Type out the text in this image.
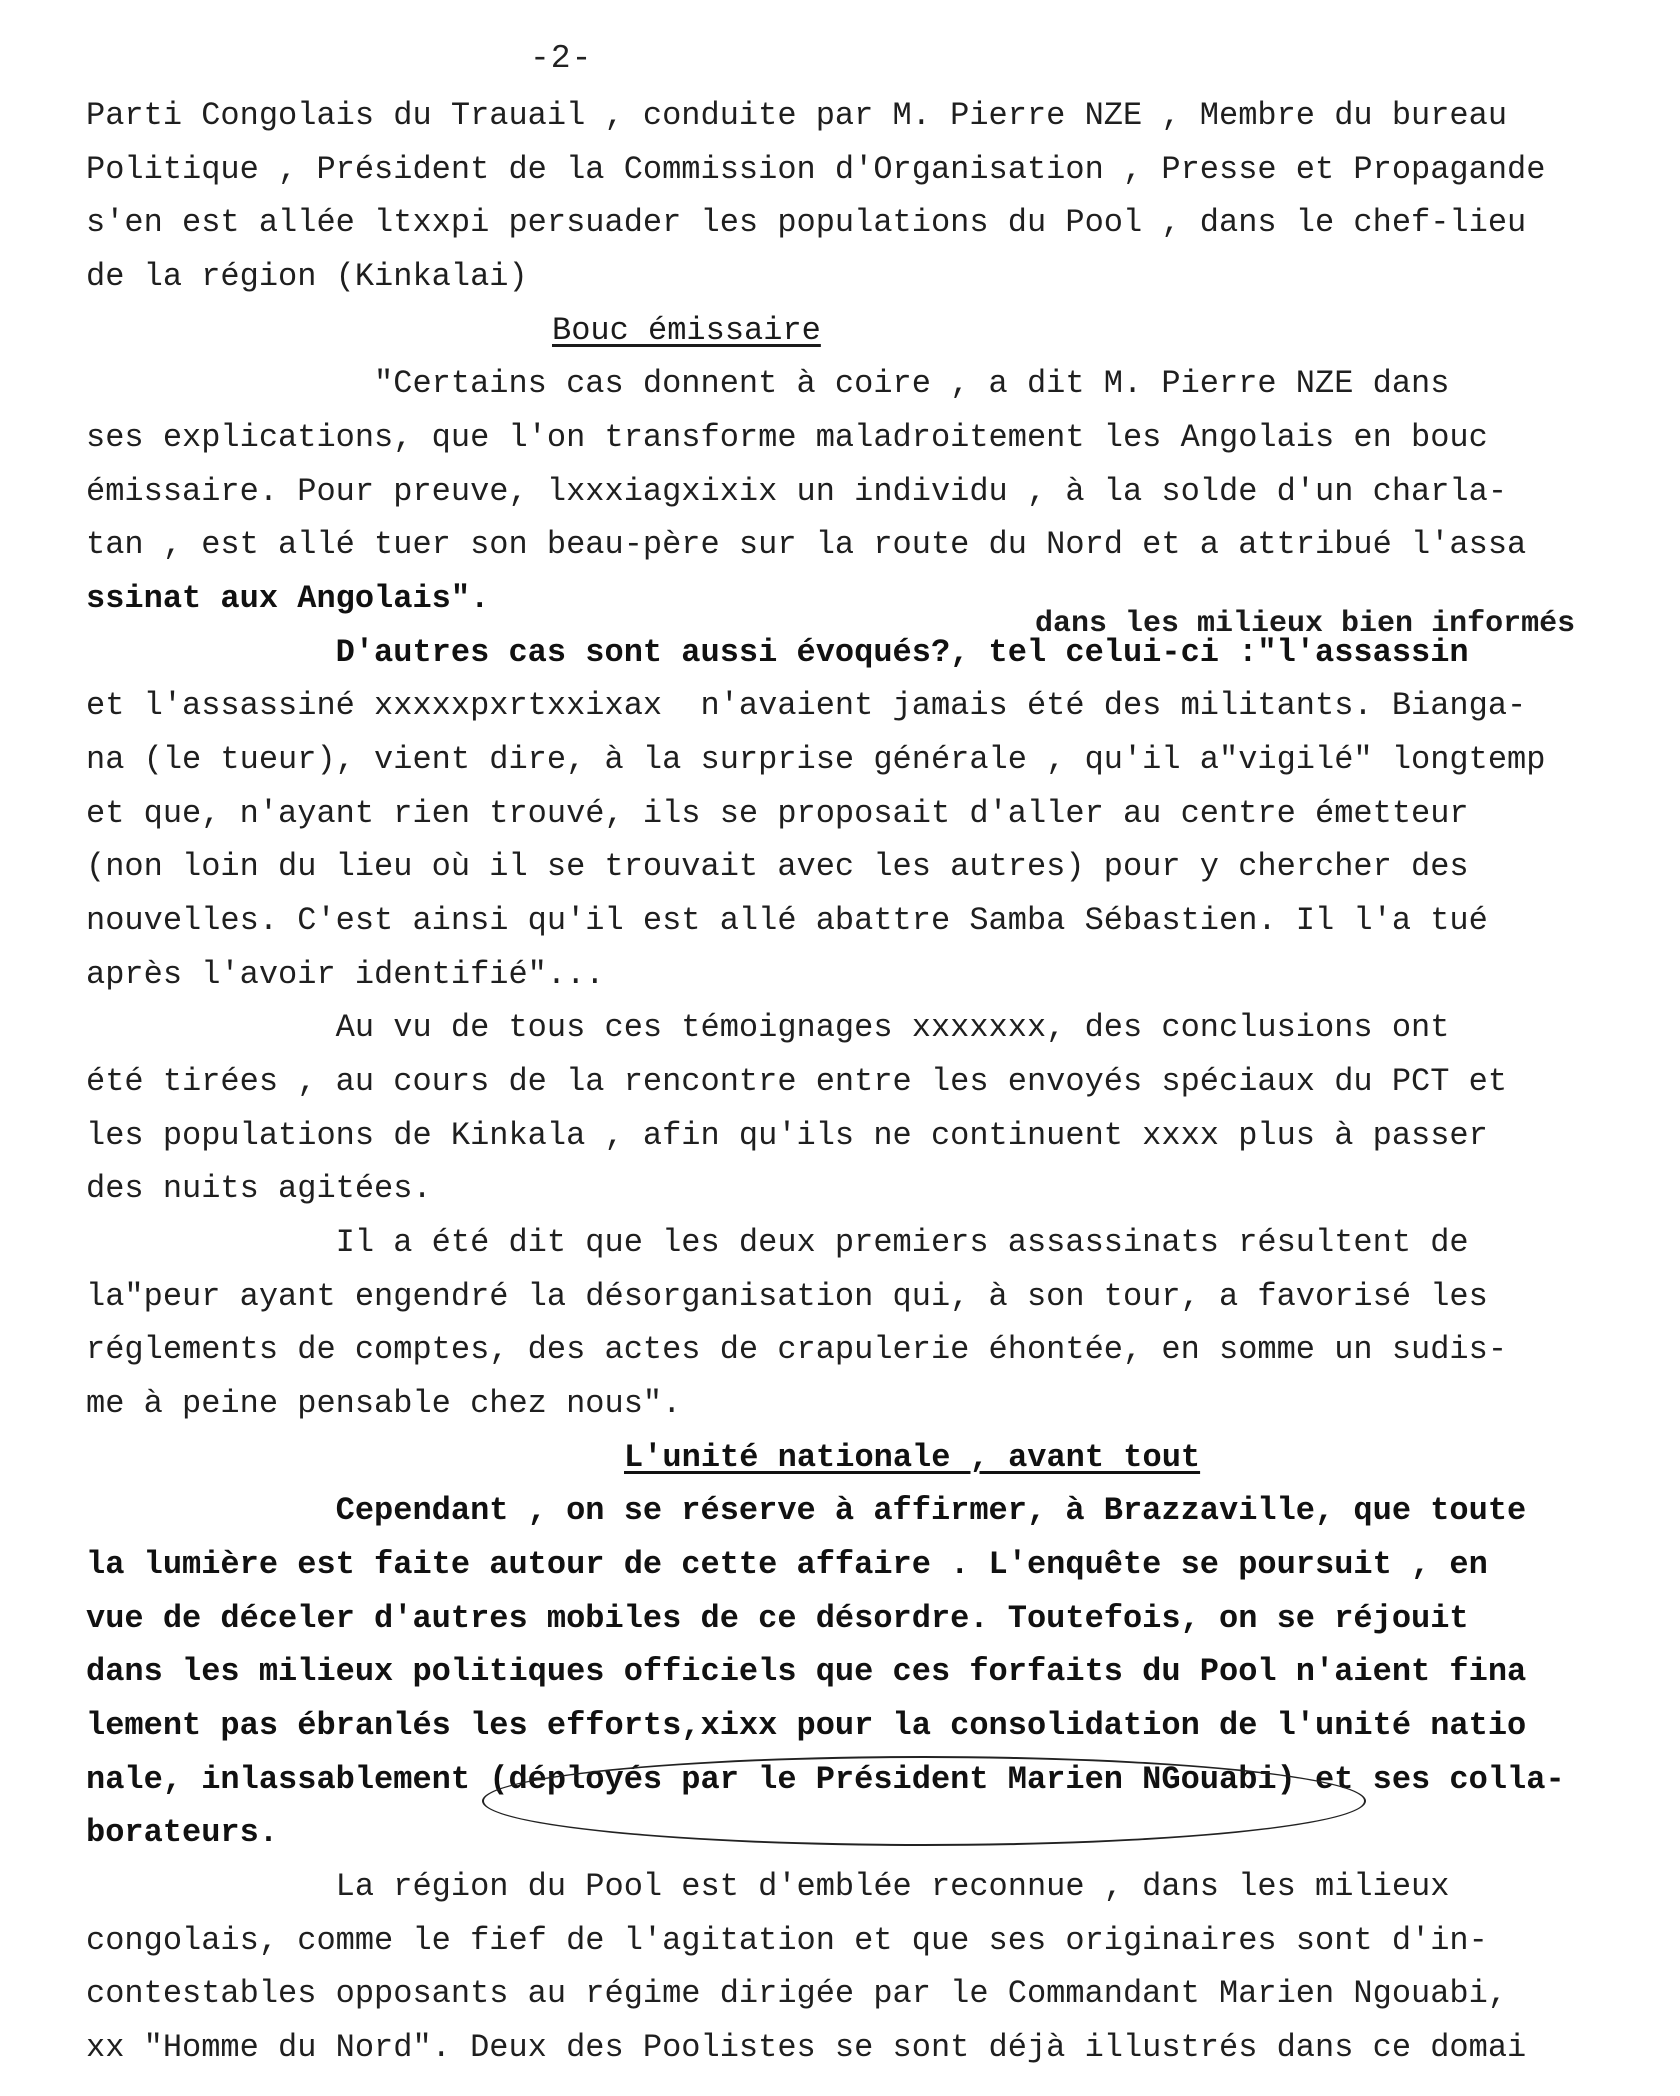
-2-
Parti Congolais du Trauail , conduite par M. Pierre NZE , Membre du bureau
Politique , Président de la Commission d'Organisation , Presse et Propagande
s'en est allée ltxxpi persuader les populations du Pool , dans le chef-lieu
de la région (Kinkalai)
Bouc émissaire
"Certains cas donnent à coire , a dit M. Pierre NZE dans
ses explications, que l'on transforme maladroitement les Angolais en bouc
émissaire. Pour preuve, lxxxiagxixix un individu , à la solde d'un charla-
tan , est allé tuer son beau-père sur la route du Nord et a attribué l'assa
ssinat aux Angolais".
dans les milieux bien informés
D'autres cas sont aussi évoqués?, tel celui-ci :"l'assassin
et l'assassiné xxxxxpxrtxxixax  n'avaient jamais été des militants. Bianga-
na (le tueur), vient dire, à la surprise générale , qu'il a"vigilé" longtemp
et que, n'ayant rien trouvé, ils se proposait d'aller au centre émetteur
(non loin du lieu où il se trouvait avec les autres) pour y chercher des
nouvelles. C'est ainsi qu'il est allé abattre Samba Sébastien. Il l'a tué
après l'avoir identifié"...
Au vu de tous ces témoignages xxxxxxx, des conclusions ont
été tirées , au cours de la rencontre entre les envoyés spéciaux du PCT et
les populations de Kinkala , afin qu'ils ne continuent xxxx plus à passer
des nuits agitées.
Il a été dit que les deux premiers assassinats résultent de
la"peur ayant engendré la désorganisation qui, à son tour, a favorisé les
réglements de comptes, des actes de crapulerie éhontée, en somme un sudis-
me à peine pensable chez nous".
L'unité nationale , avant tout
Cependant , on se réserve à affirmer, à Brazzaville, que toute
la lumière est faite autour de cette affaire . L'enquête se poursuit , en
vue de déceler d'autres mobiles de ce désordre. Toutefois, on se réjouit
dans les milieux politiques officiels que ces forfaits du Pool n'aient fina
lement pas ébranlés les efforts,xixx pour la consolidation de l'unité natio
nale, inlassablement (déployés par le Président Marien NGouabi) et ses colla-
borateurs.
La région du Pool est d'emblée reconnue , dans les milieux
congolais, comme le fief de l'agitation et que ses originaires sont d'in-
contestables opposants au régime dirigée par le Commandant Marien Ngouabi,
xx "Homme du Nord". Deux des Poolistes se sont déjà illustrés dans ce domai
